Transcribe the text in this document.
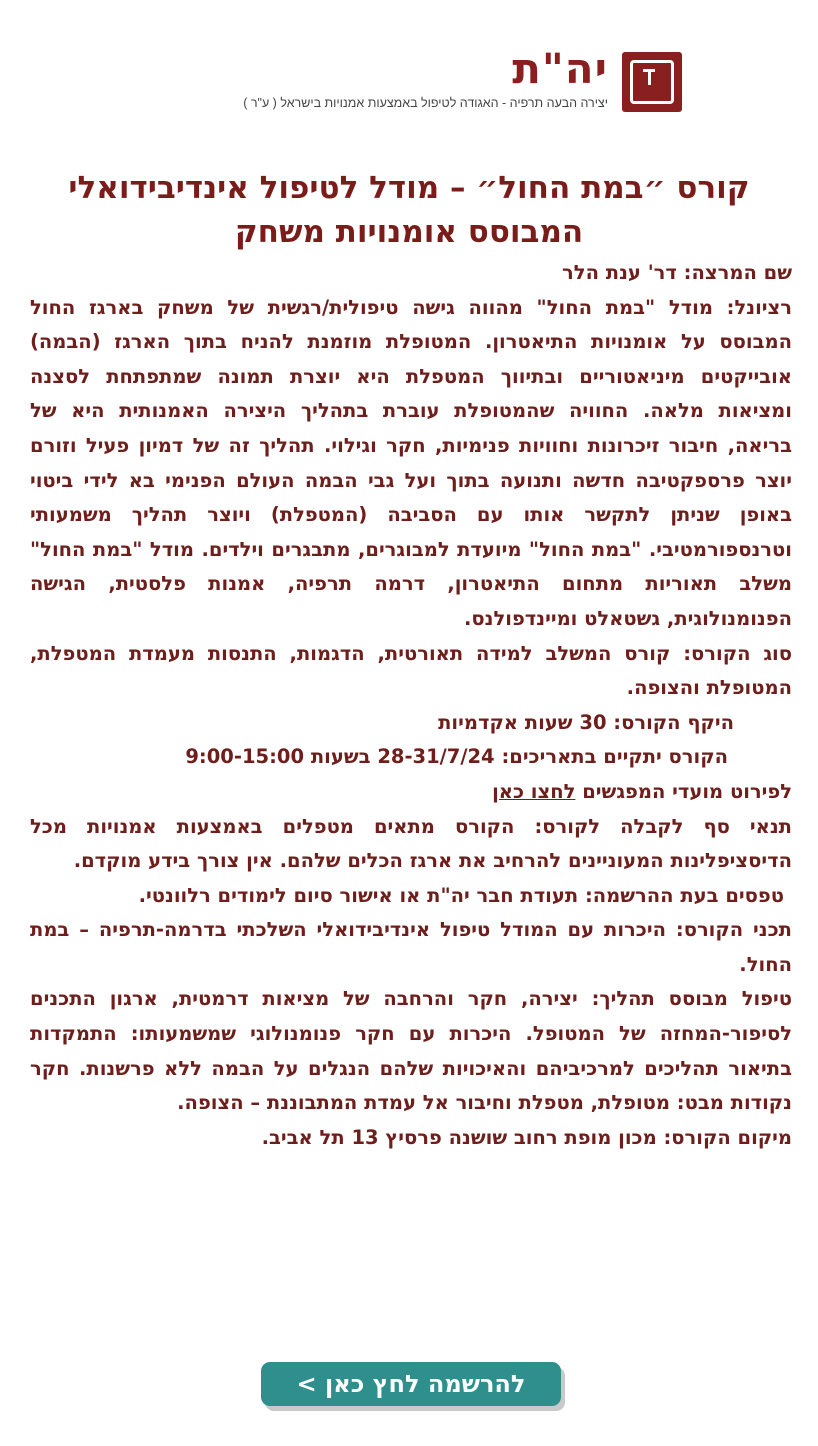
יה"ת
יצירה הבעה תרפיה - האגודה לטיפול באמצעות אמנויות בישראל ( ע"ר )
קורס ״במת החול״ – מודל לטיפול אינדיבידואלי
המבוסס אומנויות משחק

שם המרצה: דר' ענת הלר

רציונל: מודל "במת החול" מהווה גישה טיפולית/רגשית של משחק בארגז החול המבוסס על אומנויות התיאטרון. המטופלת מוזמנת להניח בתוך הארגז (הבמה) אובייקטים מיניאטוריים ובתיווך המטפלת היא יוצרת תמונה שמתפתחת לסצנה ומציאות מלאה. החוויה שהמטופלת עוברת בתהליך היצירה האמנותית היא של בריאה, חיבור זיכרונות וחוויות פנימיות, חקר וגילוי. תהליך זה של דמיון פעיל וזורם יוצר פרספקטיבה חדשה ותנועה בתוך ועל גבי הבמה העולם הפנימי בא לידי ביטוי באופן שניתן לתקשר אותו עם הסביבה (המטפלת) ויוצר תהליך משמעותי וטרנספורמטיבי. "במת החול" מיועדת למבוגרים, מתבגרים וילדים. מודל "במת החול" משלב תאוריות מתחום התיאטרון, דרמה תרפיה, אמנות פלסטית, הגישה הפנומנולוגית, גשטאלט ומיינדפולנס.

סוג הקורס: קורס המשלב למידה תאורטית, הדגמות, התנסות מעמדת המטפלת, המטופלת והצופה.

היקף הקורס: 30 שעות אקדמיות

הקורס יתקיים בתאריכים: 28-31/7/24 בשעות 9:00-15:00

לפירוט מועדי המפגשים לחצו כאן

תנאי סף לקבלה לקורס: הקורס מתאים מטפלים באמצעות אמנויות מכל הדיסציפלינות המעוניינים להרחיב את ארגז הכלים שלהם. אין צורך בידע מוקדם.

טפסים בעת ההרשמה: תעודת חבר יה"ת או אישור סיום לימודים רלוונטי.

תכני הקורס: היכרות עם המודל טיפול אינדיבידואלי השלכתי בדרמה-תרפיה – במת החול.

טיפול מבוסס תהליך: יצירה, חקר והרחבה של מציאות דרמטית, ארגון התכנים לסיפור-המחזה של המטופל. היכרות עם חקר פנומנולוגי שמשמעותו: התמקדות בתיאור תהליכים למרכיביהם והאיכויות שלהם הנגלים על הבמה ללא פרשנות. חקר נקודות מבט: מטופלת, מטפלת וחיבור אל עמדת המתבוננת – הצופה.

מיקום הקורס: מכון מופת רחוב שושנה פרסיץ 13 תל אביב.

להרשמה לחץ כאן >
